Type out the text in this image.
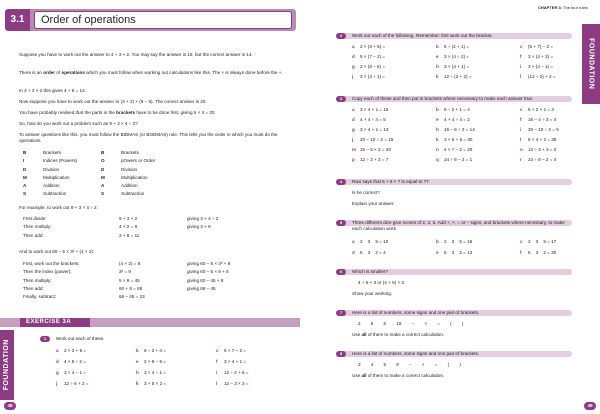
3.1	Order of operations
Suppose you have to work out the answer to 4 + 3 × 2. You may say the answer is 18, but the correct answer is 14.
There is an order of operations which you must follow when working out calculations like this. The × is always done before the +.
In 4 + 3 × 2 this gives 4 + 6 = 14.
Now suppose you have to work out the answer to (3 + 2) × (9 – 5). The correct answer is 20.
You have probably realised that the parts in the brackets have to be done first, giving 5 × 4 = 20.
So, how do you work out a problem such as 9 + 3 × 4 ÷ 2?
To answer questions like this, you must follow the BIDMAS (or BODMAS) rule. This tells you the order in which you must do the operations.
B	Brackets	B	Brackets
I	Indices (Powers)	O	pOwers or Order
D	Division	D	Division
M	Multiplication	M	Multiplication
A	Addition	A	Addition
S	Subtraction	S	Subtraction
For example, to work out 9 + 3 × 4 ÷ 2:
First divide:	9 + 3 × 2	giving 3 × 4 ÷ 2
Then multiply:	4 × 2 = 8	giving 3 × 8
Then add:	3 + 8 = 11
And to work out 60 – 5 × 3² + (4 × 2):
First, work out the brackets:	(4 × 2) = 8	giving 60 – 5 × 3² + 8
Then the index (power):	3² = 9	giving 60 – 5 × 9 + 8
Then multiply:	5 × 9 = 45	giving 60 – 45 + 8
Then add:	60 + 8 = 68	giving 68 – 45
Finally, subtract:	68 – 45 = 23
EXERCISE 3A
FOUNDATION
1	Work out each of these.
a	2 × 3 + 5 =	b	6 ÷ 3 + 4 =	c	5 × 7 – 2 =
d	4 × 6 ÷ 2 =	e	2 × 8 – 5 =	f	3 × 4 + 1 =
g	3 × 4 – 1 =	h	3 × 4 ÷ 1 =	i	12 ÷ 2 + 6 =
j	12 ÷ 6 + 2 =	k	3 + 5 × 2 =	l	12 – 3 × 3 =
48
CHAPTER 3: The four rules
FOUNDATION
2	Work out each of the following. Remember: first work out the bracket.
a	2 × (3 + 5) =	b	6 ÷ (2 + 1) =	c	(5 + 7) – 2 =
d	5 × (7 – 2) =	e	3 × (4 ÷ 2) =	f	3 × (4 + 2) =
g	2 × (8 – 5) =	h	3 × (4 + 1) =	i	3 × (4 – 1) =
j	3 × (4 ÷ 1) =	k	12 ÷ (2 + 2) =	l	(12 ÷ 2) + 2 =
3	Copy each of these and then put in brackets where necessary to make each answer true.
a	3 × 4 + 1 = 15	b	6 ÷ 2 + 1 = 4	c	6 + 2 × 1 = 3
d	4 + 4 ÷ 4 = 5	e	4 + 4 ÷ 4 = 2	f	16 – 4 ÷ 3 = 4
g	3 × 4 + 1 = 13	h	16 – 6 ÷ 3 = 14	i	20 – 10 ÷ 2 = 5
j	20 – 10 ÷ 2 = 15	k	3 × 5 + 5 = 30	l	6 × 4 + 2 = 36
m 15 – 5 × 2 = 20	n	4 × 7 – 2 = 20	o	12 ÷ 3 + 3 = 2
p	12 ÷ 3 + 3 = 7	q	24 ÷ 8 – 2 = 1	r	24 ÷ 8 – 2 = 4
4	Ravi says that 5 + 6 × 7 is equal to 77.
Is he correct?
Explain your answer.
5	Three different dice give scores of 2, 3, 5. Add +, ×, = or – signs, and brackets where necessary, to make each calculation work.
a	2    3    5 = 10	b	2    3    5 = 16	c	2    3    5 = 17
d	5    3    2 = 4	e	5    3    2 = 13	f	5    3    2 = 30
6	Which is smaller?
4 + 5 × 3 or (4 + 5) × 3
Show your working.
7	Here is a list of numbers, some signs and one pair of brackets.
2        5        6        18        –        ×        =        (        )
Use all of them to make a correct calculation.
8	Here is a list of numbers, some signs and one pair of brackets.
3        4        5        8        –        ×        =        (        )
Use all of them to make a correct calculation.
49
